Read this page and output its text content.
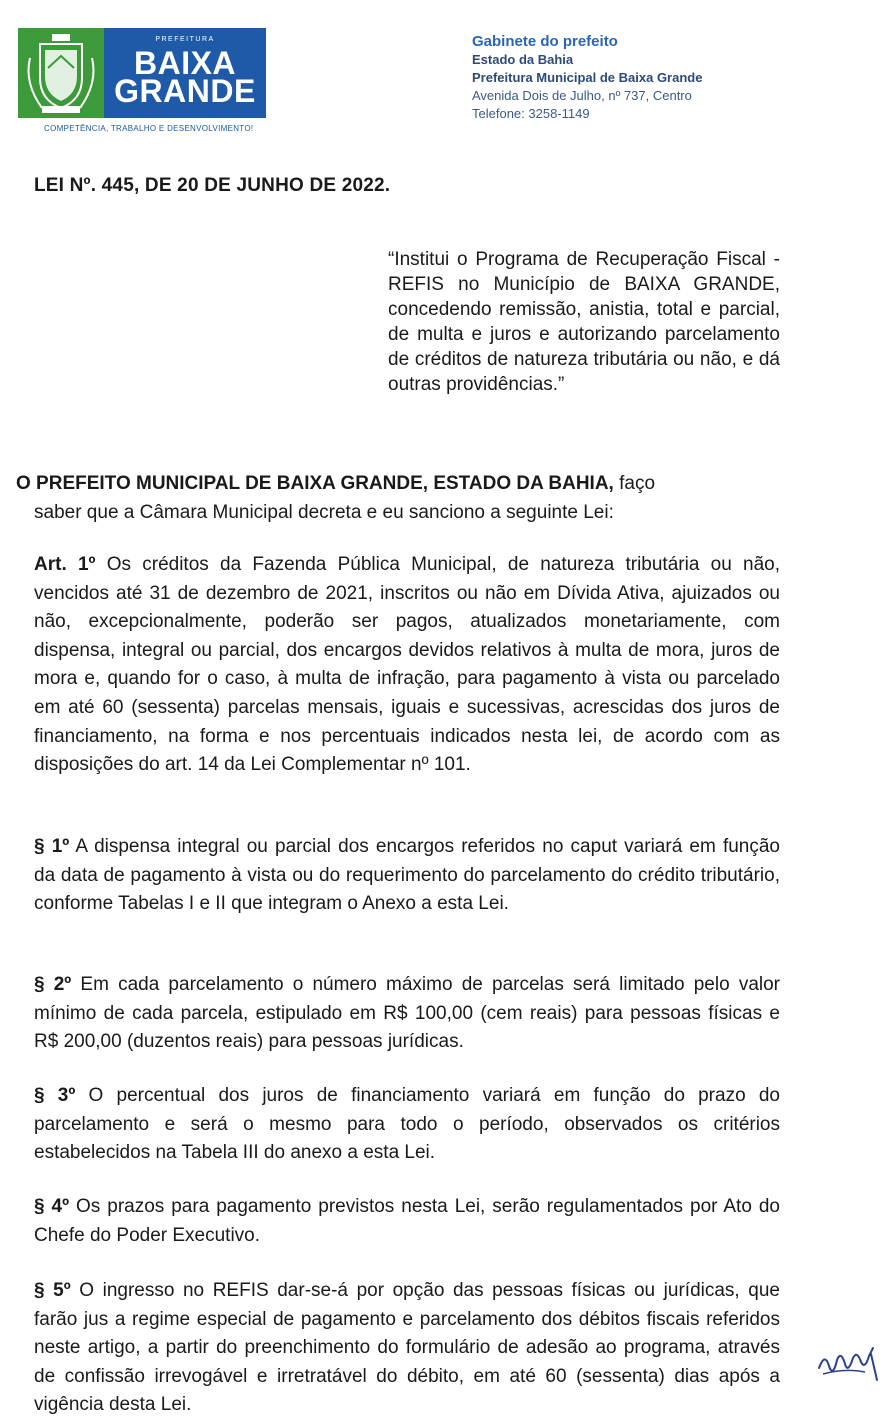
PREFEITURA
BAIXA
GRANDE
COMPETÊNCIA, TRABALHO E DESENVOLVIMENTO!
Gabinete do prefeito
Estado da Bahia
Prefeitura Municipal de Baixa Grande
Avenida Dois de Julho, nº 737, Centro
Telefone: 3258-1149
LEI Nº. 445, DE 20 DE JUNHO DE 2022.
“Institui o Programa de Recuperação Fiscal - REFIS no Município de BAIXA GRANDE, concedendo remissão, anistia, total e parcial, de multa e juros e autorizando parcelamento de créditos de natureza tributária ou não, e dá outras providências.”
O PREFEITO MUNICIPAL DE BAIXA GRANDE, ESTADO DA BAHIA, faço
saber que a Câmara Municipal decreta e eu sanciono a seguinte Lei:
Art. 1º Os créditos da Fazenda Pública Municipal, de natureza tributária ou não, vencidos até 31 de dezembro de 2021, inscritos ou não em Dívida Ativa, ajuizados ou não, excepcionalmente, poderão ser pagos, atualizados monetariamente, com dispensa, integral ou parcial, dos encargos devidos relativos à multa de mora, juros de mora e, quando for o caso, à multa de infração, para pagamento à vista ou parcelado em até 60 (sessenta) parcelas mensais, iguais e sucessivas, acrescidas dos juros de financiamento, na forma e nos percentuais indicados nesta lei, de acordo com as disposições do art. 14 da Lei Complementar nº 101.
§ 1º A dispensa integral ou parcial dos encargos referidos no caput variará em função da data de pagamento à vista ou do requerimento do parcelamento do crédito tributário, conforme Tabelas I e II que integram o Anexo a esta Lei.
§ 2º Em cada parcelamento o número máximo de parcelas será limitado pelo valor mínimo de cada parcela, estipulado em R$ 100,00 (cem reais) para pessoas físicas e R$ 200,00 (duzentos reais) para pessoas jurídicas.
§ 3º O percentual dos juros de financiamento variará em função do prazo do parcelamento e será o mesmo para todo o período, observados os critérios estabelecidos na Tabela III do anexo a esta Lei.
§ 4º Os prazos para pagamento previstos nesta Lei, serão regulamentados por Ato do Chefe do Poder Executivo.
§ 5º O ingresso no REFIS dar-se-á por opção das pessoas físicas ou jurídicas, que farão jus a regime especial de pagamento e parcelamento dos débitos fiscais referidos neste artigo, a partir do preenchimento do formulário de adesão ao programa, através de confissão irrevogável e irretratável do débito, em até 60 (sessenta) dias após a vigência desta Lei.
